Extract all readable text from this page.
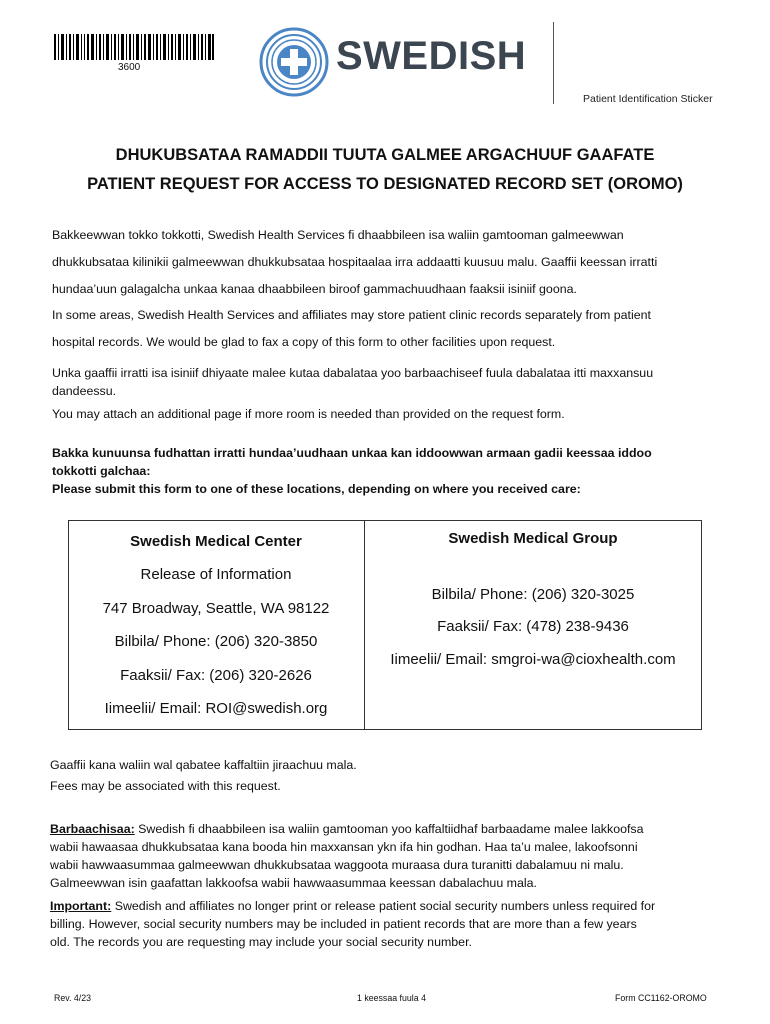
3600	SWEDISH
Patient Identification Sticker
DHUKUBSATAA RAMADDII TUUTA GALMEE ARGACHUUF GAAFATE
PATIENT REQUEST FOR ACCESS TO DESIGNATED RECORD SET (OROMO)
Bakkeewwan tokko tokkotti, Swedish Health Services fi dhaabbileen isa waliin gamtooman galmeewwan
dhukkubsataa kilinikii galmeewwan dhukkubsataa hospitaalaa irra addaatti kuusuu malu. Gaaffii keessan irratti
hundaa’uun galagalcha unkaa kanaa dhaabbileen biroof gammachuudhaan faaksii isiniif goona.
In some areas, Swedish Health Services and affiliates may store patient clinic records separately from patient
hospital records. We would be glad to fax a copy of this form to other facilities upon request.
Unka gaaffii irratti isa isiniif dhiyaate malee kutaa dabalataa yoo barbaachiseef fuula dabalataa itti maxxansuu
dandeessu.
You may attach an additional page if more room is needed than provided on the request form.
Bakka kunuunsa fudhattan irratti hundaa’uudhaan unkaa kan iddoowwan armaan gadii keessaa iddoo
tokkotti galchaa:
Please submit this form to one of these locations, depending on where you received care:
Swedish Medical Center
Release of Information
747 Broadway, Seattle, WA 98122
Bilbila/ Phone: (206) 320-3850
Faaksii/ Fax: (206) 320-2626
Iimeelii/ Email: ROI@swedish.org
Swedish Medical Group
Bilbila/ Phone: (206) 320-3025
Faaksii/ Fax: (478) 238-9436
Iimeelii/ Email: smgroi-wa@cioxhealth.com
Gaaffii kana waliin wal qabatee kaffaltiin jiraachuu mala.
Fees may be associated with this request.
Barbaachisaa: Swedish fi dhaabbileen isa waliin gamtooman yoo kaffaltiidhaf barbaadame malee lakkoofsa
wabii hawaasaa dhukkubsataa kana booda hin maxxansan ykn ifa hin godhan. Haa ta’u malee, lakoofsonni
wabii hawwaasummaa galmeewwan dhukkubsataa waggoota muraasa dura turanitti dabalamuu ni malu.
Galmeewwan isin gaafattan lakkoofsa wabii hawwaasummaa keessan dabalachuu mala.
Important: Swedish and affiliates no longer print or release patient social security numbers unless required for
billing. However, social security numbers may be included in patient records that are more than a few years
old. The records you are requesting may include your social security number.
Rev. 4/23	1 keessaa fuula 4	Form CC1162-OROMO
